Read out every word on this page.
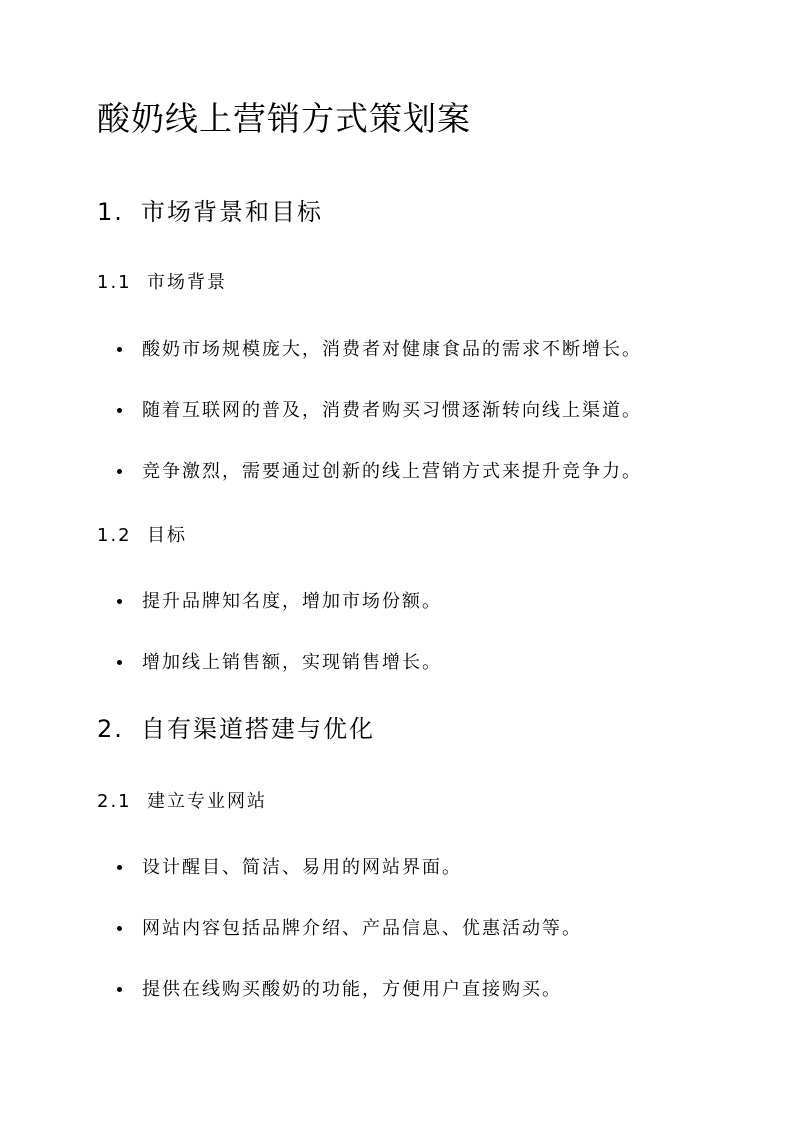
酸奶线上营销方式策划案
1. 市场背景和目标
1.1 市场背景

酸奶市场规模庞大，消费者对健康食品的需求不断增长。

随着互联网的普及，消费者购买习惯逐渐转向线上渠道。

竞争激烈，需要通过创新的线上营销方式来提升竞争力。

1.2 目标

提升品牌知名度，增加市场份额。

增加线上销售额，实现销售增长。

2. 自有渠道搭建与优化
2.1 建立专业网站

设计醒目、简洁、易用的网站界面。

网站内容包括品牌介绍、产品信息、优惠活动等。

提供在线购买酸奶的功能，方便用户直接购买。
